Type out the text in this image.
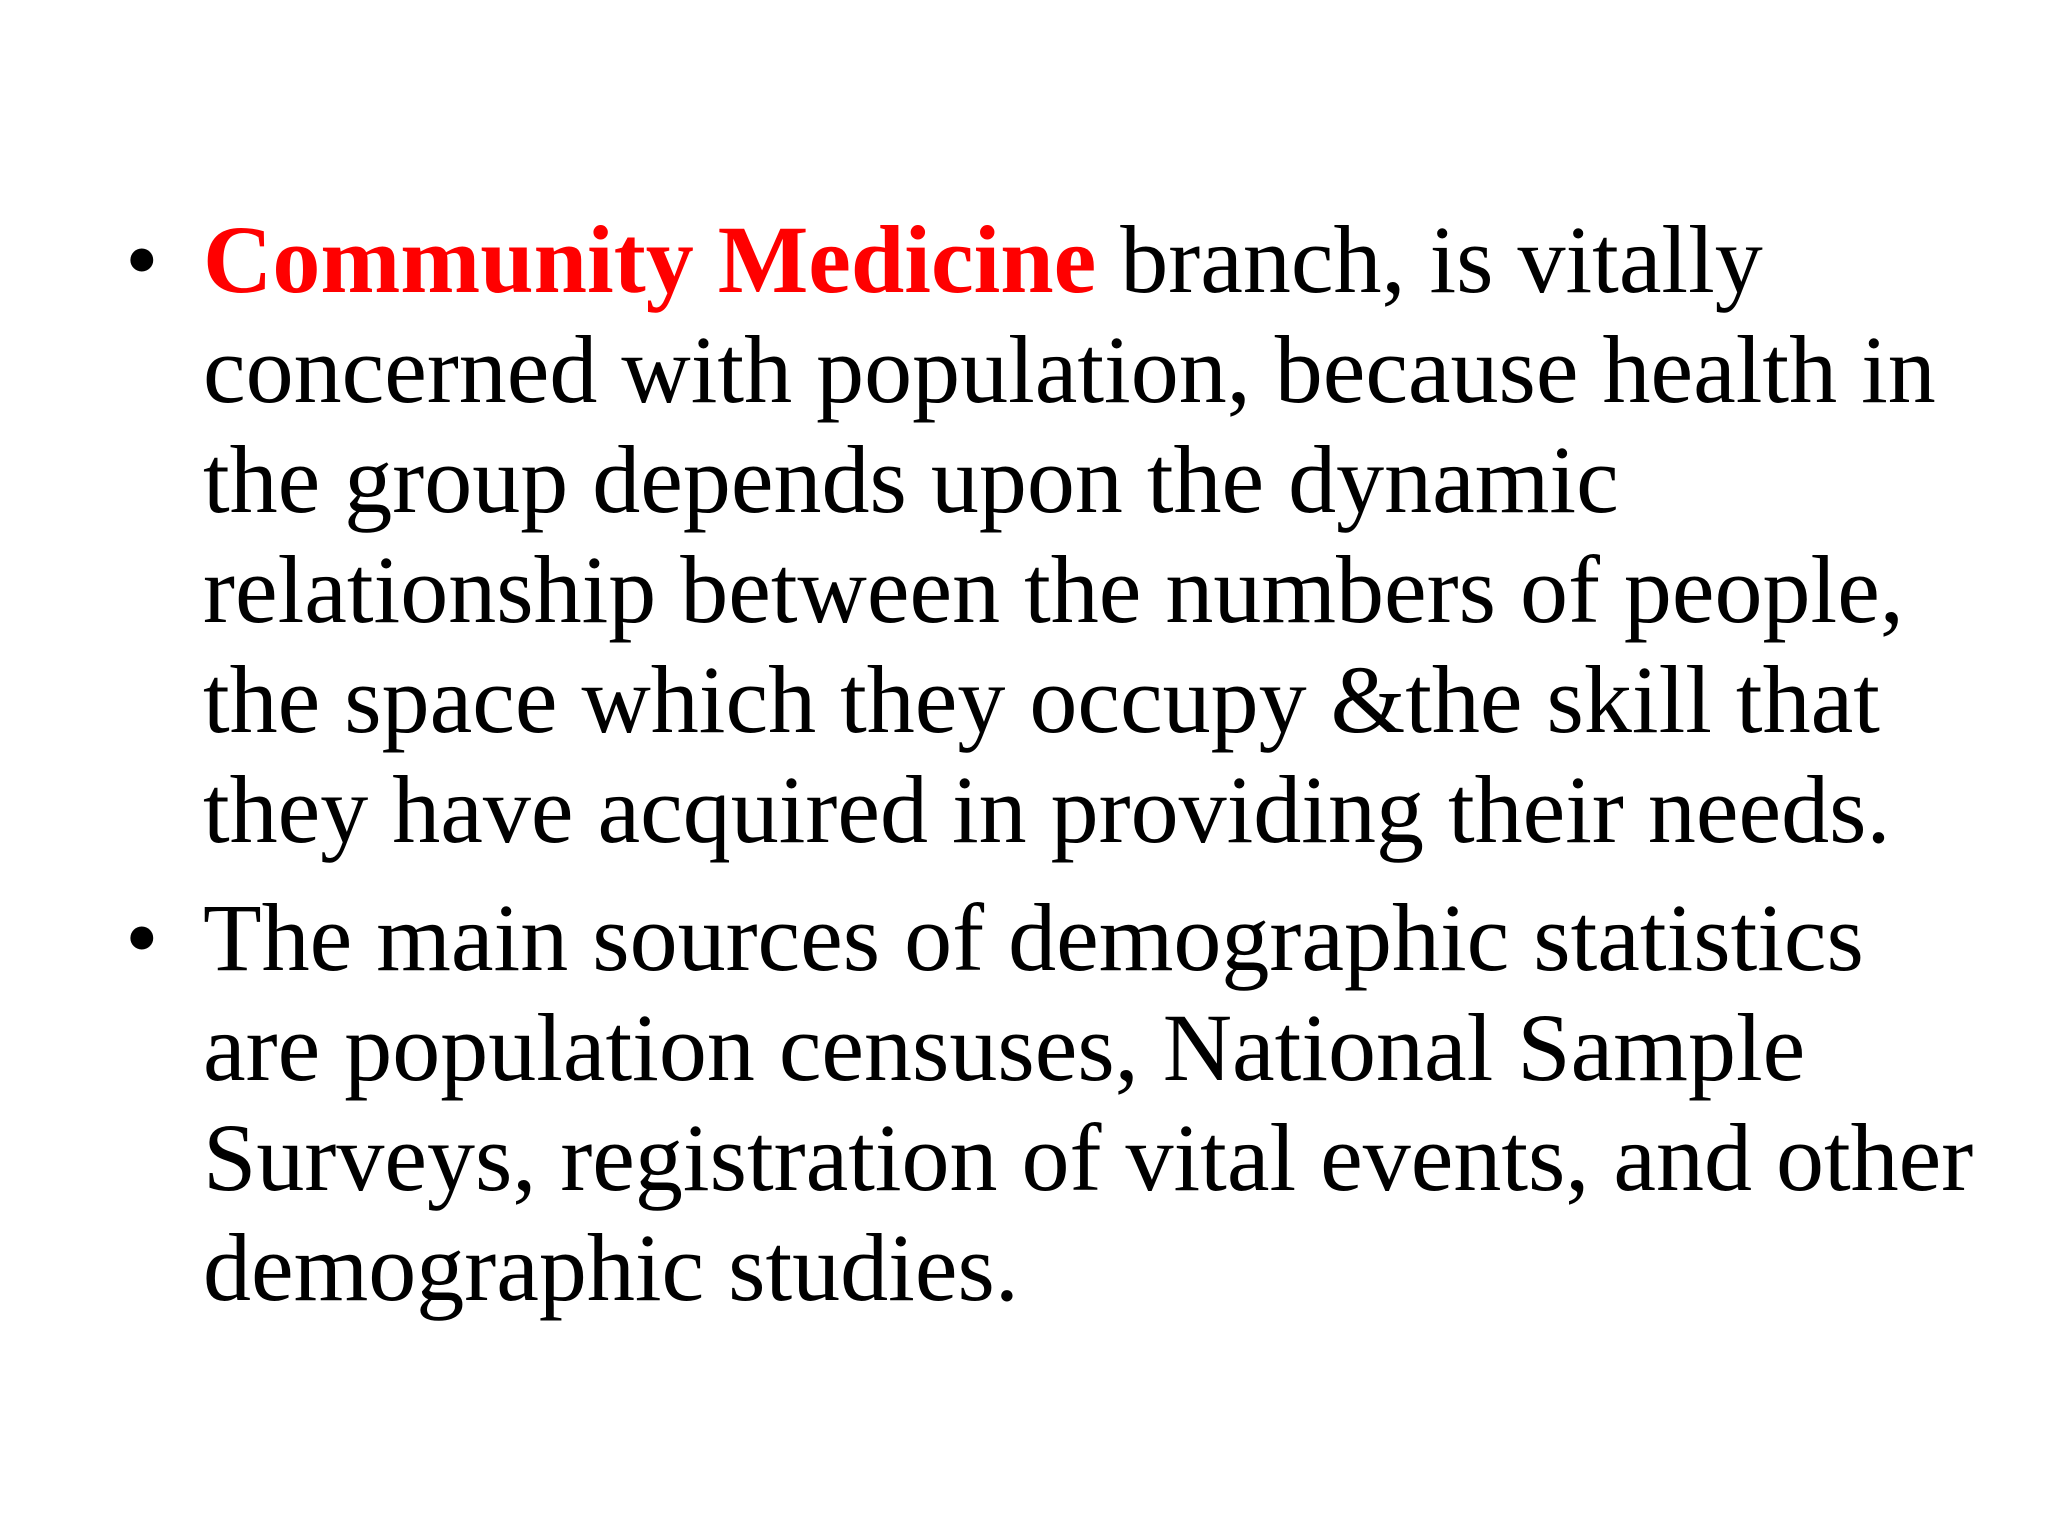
• Community Medicine branch, is vitally concerned with population, because health in the group depends upon the dynamic relationship between the numbers of people, the space which they occupy &the skill that they have acquired in providing their needs.
• The main sources of demographic statistics are population censuses, National Sample Surveys, registration of vital events, and other demographic studies.
